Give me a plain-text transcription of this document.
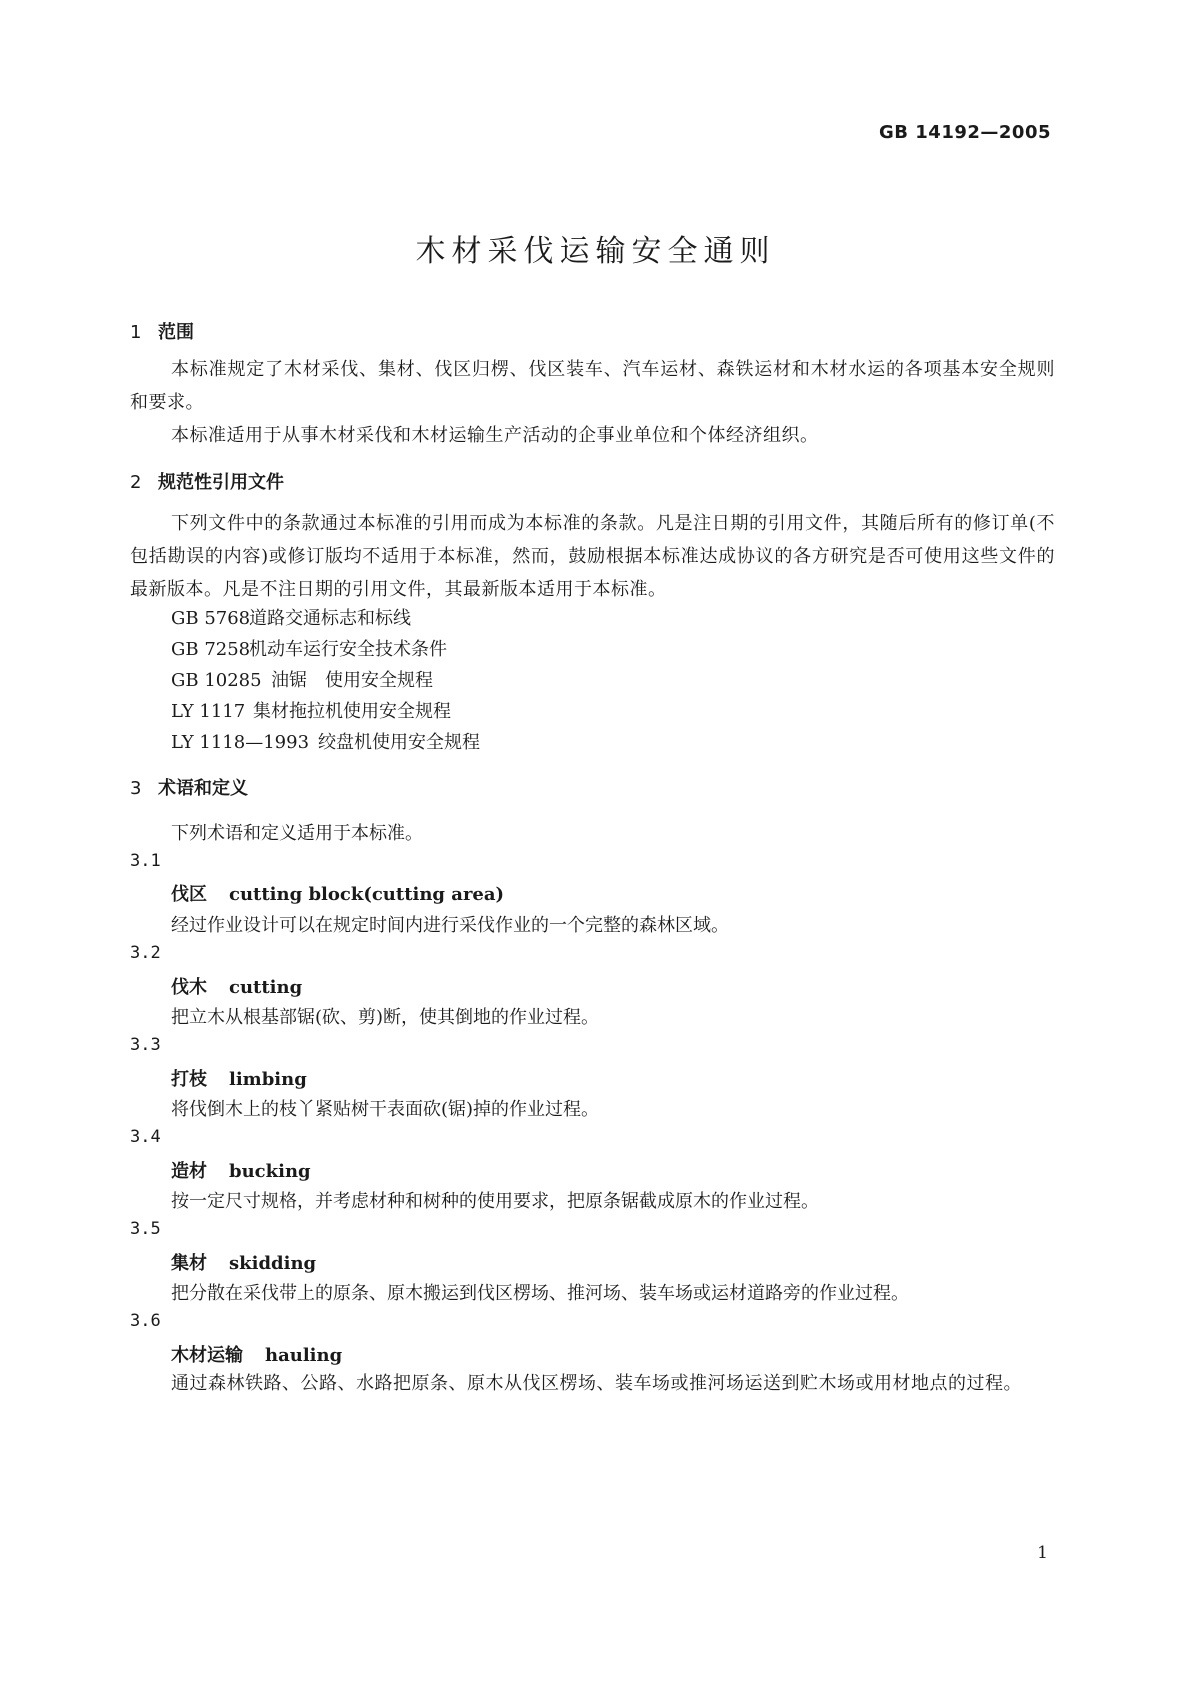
GB 14192—2005
木材采伐运输安全通则
1 范围
本标准规定了木材采伐、集材、伐区归楞、伐区装车、汽车运材、森铁运材和木材水运的各项基本安全规则和要求。
本标准适用于从事木材采伐和木材运输生产活动的企事业单位和个体经济组织。
2 规范性引用文件
下列文件中的条款通过本标准的引用而成为本标准的条款。凡是注日期的引用文件，其随后所有的修订单(不包括勘误的内容)或修订版均不适用于本标准，然而，鼓励根据本标准达成协议的各方研究是否可使用这些文件的最新版本。凡是不注日期的引用文件，其最新版本适用于本标准。
GB 5768道路交通标志和标线
GB 7258机动车运行安全技术条件
GB 10285 油锯　使用安全规程
LY 1117 集材拖拉机使用安全规程
LY 1118—1993 绞盘机使用安全规程
3 术语和定义
下列术语和定义适用于本标准。
3.1
伐区 cutting block(cutting area)
经过作业设计可以在规定时间内进行采伐作业的一个完整的森林区域。
3.2
伐木 cutting
把立木从根基部锯(砍、剪)断，使其倒地的作业过程。
3.3
打枝 limbing
将伐倒木上的枝丫紧贴树干表面砍(锯)掉的作业过程。
3.4
造材 bucking
按一定尺寸规格，并考虑材种和树种的使用要求，把原条锯截成原木的作业过程。
3.5
集材 skidding
把分散在采伐带上的原条、原木搬运到伐区楞场、推河场、装车场或运材道路旁的作业过程。
3.6
木材运输 hauling
通过森林铁路、公路、水路把原条、原木从伐区楞场、装车场或推河场运送到贮木场或用材地点的过程。
1
